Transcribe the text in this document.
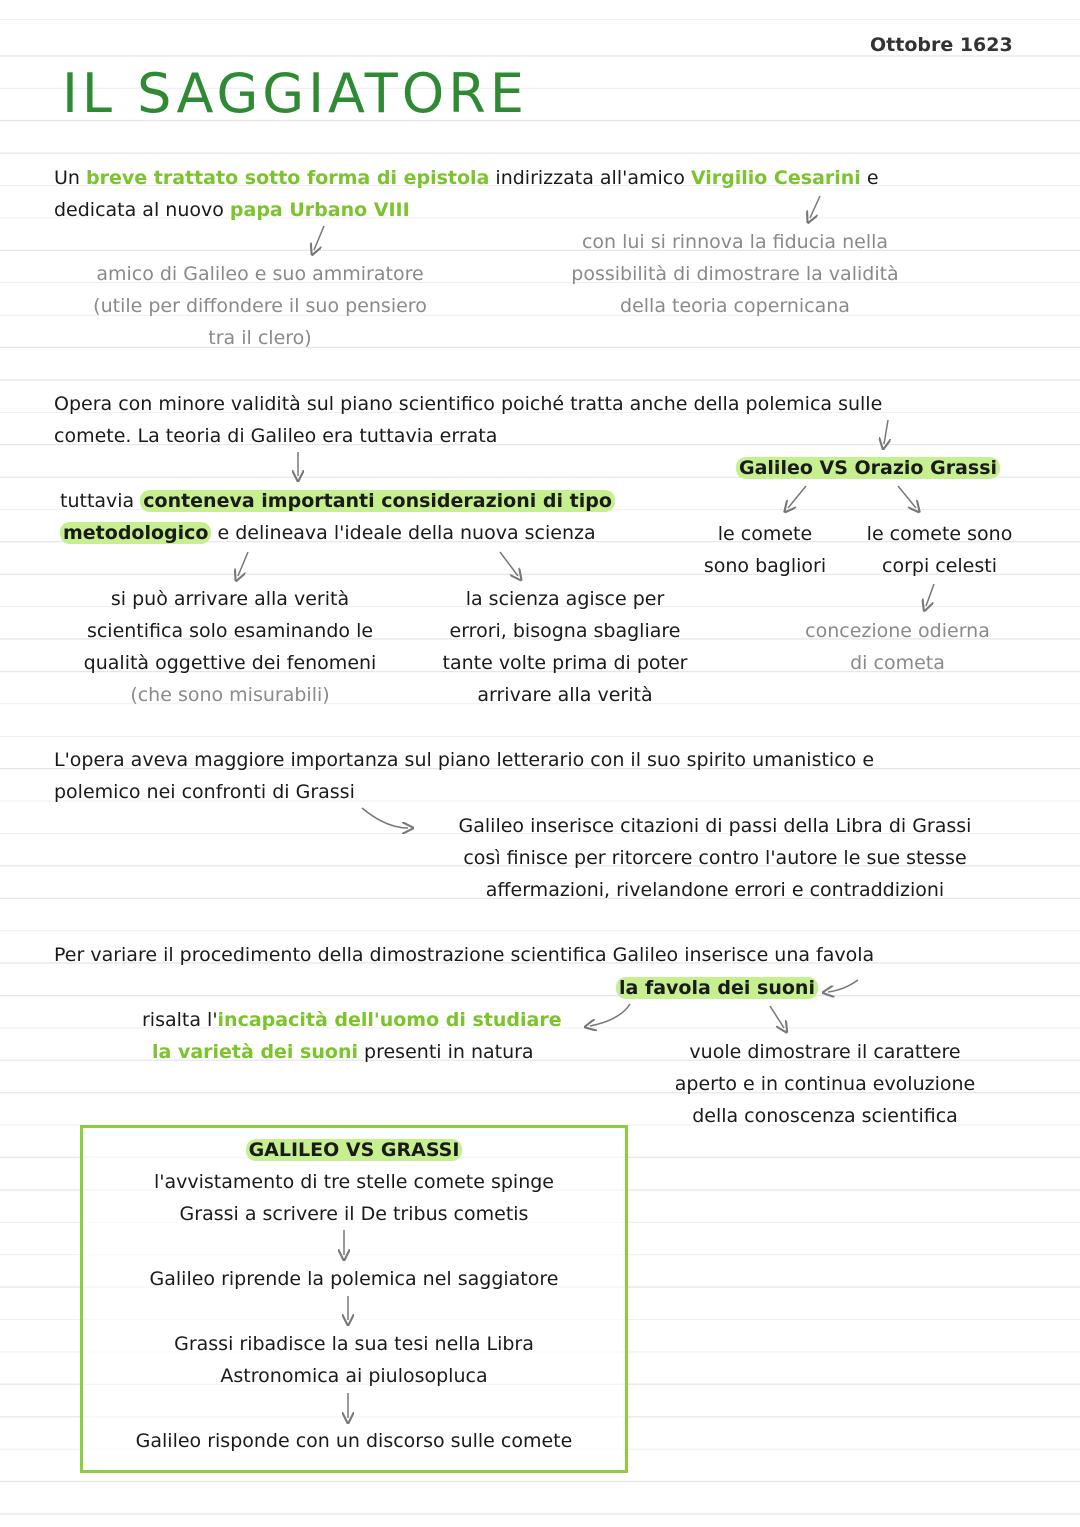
Ottobre 1623
IL SAGGIATORE
Un breve trattato sotto forma di epistola indirizzata all'amico Virgilio Cesarini e
dedicata al nuovo papa Urbano VIII
amico di Galileo e suo ammiratore
(utile per diffondere il suo pensiero
tra il clero)
con lui si rinnova la fiducia nella
possibilità di dimostrare la validità
della teoria copernicana
Opera con minore validità sul piano scientifico poiché tratta anche della polemica sulle
comete. La teoria di Galileo era tuttavia errata
Galileo VS Orazio Grassi
tuttavia conteneva importanti considerazioni di tipo
metodologico e delineava l'ideale della nuova scienza
si può arrivare alla verità
scientifica solo esaminando le
qualità oggettive dei fenomeni
(che sono misurabili)
la scienza agisce per
errori, bisogna sbagliare
tante volte prima di poter
arrivare alla verità
le comete
sono bagliori
le comete sono
corpi celesti
concezione odierna
di cometa
L'opera aveva maggiore importanza sul piano letterario con il suo spirito umanistico e
polemico nei confronti di Grassi
Galileo inserisce citazioni di passi della Libra di Grassi
così finisce per ritorcere contro l'autore le sue stesse
affermazioni, rivelandone errori e contraddizioni
Per variare il procedimento della dimostrazione scientifica Galileo inserisce una favola
la favola dei suoni
risalta l'incapacità dell'uomo di studiare
la varietà dei suoni presenti in natura	vuole dimostrare il carattere
aperto e in continua evoluzione
della conoscenza scientifica
GALILEO VS GRASSI
l'avvistamento di tre stelle comete spinge
Grassi a scrivere il De tribus cometis
Galileo riprende la polemica nel saggiatore
Grassi ribadisce la sua tesi nella Libra
Astronomica ai piulosopluca
Galileo risponde con un discorso sulle comete
